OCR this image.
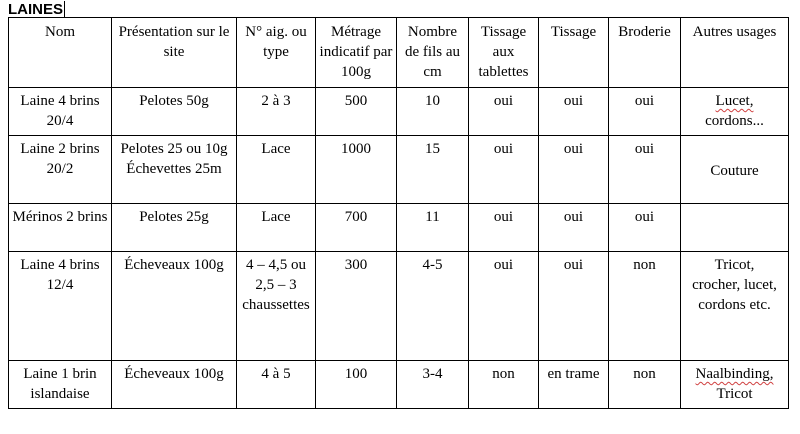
LAINES
Nom	Présentation sur le site	N° aig. ou type	Métrage indicatif par 100g	Nombre de fils au cm	Tissage aux tablettes	Tissage	Broderie	Autres usages
Laine 4 brins 20/4	Pelotes 50g	2 à 3	500	10	oui	oui	oui	Lucet,
cordons...

Laine 2 brins 20/2	Pelotes 25 ou 10g Échevettes 25m	Lace	1000	15	oui	oui	oui	Couture

Mérinos 2 brins	Pelotes 25g	Lace	700	11	oui	oui	oui	
Laine 4 brins 12/4	Écheveaux 100g	4 – 4,5 ou 2,5 – 3 chaussettes	300	4-5	oui	oui	non	Tricot,
crocher, lucet,
cordons etc.

Laine 1 brin islandaise	Écheveaux 100g	4 à 5	100	3-4	non	en trame	non	Naalbinding,
Tricot
